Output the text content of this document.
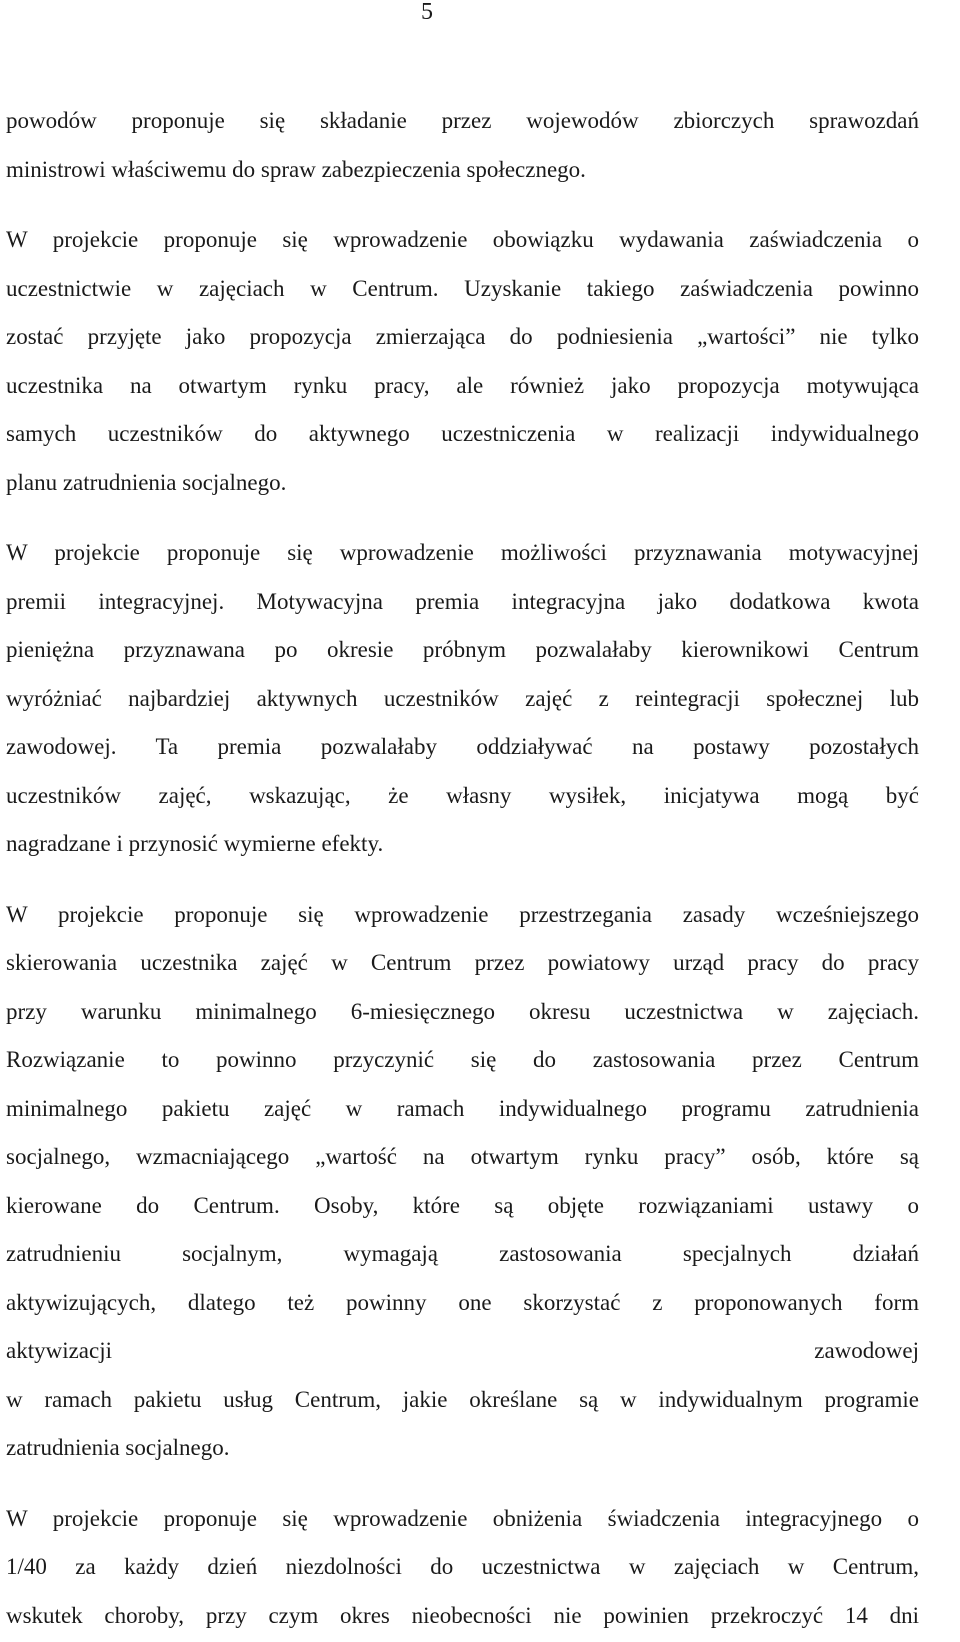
5
powodów proponuje się składanie przez wojewodów zbiorczych sprawozdań
ministrowi właściwemu do spraw zabezpieczenia społecznego.
W projekcie proponuje się wprowadzenie obowiązku wydawania zaświadczenia o
uczestnictwie w zajęciach w Centrum. Uzyskanie takiego zaświadczenia powinno
zostać przyjęte jako propozycja zmierzająca do podniesienia „wartości” nie tylko
uczestnika na otwartym rynku pracy, ale również jako propozycja motywująca
samych uczestników do aktywnego uczestniczenia w realizacji indywidualnego
planu zatrudnienia socjalnego.
W projekcie proponuje się wprowadzenie możliwości przyznawania motywacyjnej
premii integracyjnej. Motywacyjna premia integracyjna jako dodatkowa kwota
pieniężna przyznawana po okresie próbnym pozwalałaby kierownikowi Centrum
wyróżniać najbardziej aktywnych uczestników zajęć z reintegracji społecznej lub
zawodowej. Ta premia pozwalałaby oddziaływać na postawy pozostałych
uczestników zajęć, wskazując, że własny wysiłek, inicjatywa mogą być
nagradzane i przynosić wymierne efekty.
W projekcie proponuje się wprowadzenie przestrzegania zasady wcześniejszego
skierowania uczestnika zajęć w Centrum przez powiatowy urząd pracy do pracy
przy warunku minimalnego 6-miesięcznego okresu uczestnictwa w zajęciach.
Rozwiązanie to powinno przyczynić się do zastosowania przez Centrum
minimalnego pakietu zajęć w ramach indywidualnego programu zatrudnienia
socjalnego, wzmacniającego „wartość na otwartym rynku pracy” osób, które są
kierowane do Centrum. Osoby, które są objęte rozwiązaniami ustawy o
zatrudnieniu socjalnym, wymagają zastosowania specjalnych działań
aktywizujących, dlatego też powinny one skorzystać z proponowanych form
aktywizacji zawodowej
w ramach pakietu usług Centrum, jakie określane są w indywidualnym programie
zatrudnienia socjalnego.
W projekcie proponuje się wprowadzenie obniżenia świadczenia integracyjnego o
1/40 za każdy dzień niezdolności do uczestnictwa w zajęciach w Centrum,
wskutek choroby, przy czym okres nieobecności nie powinien przekroczyć 14 dni
